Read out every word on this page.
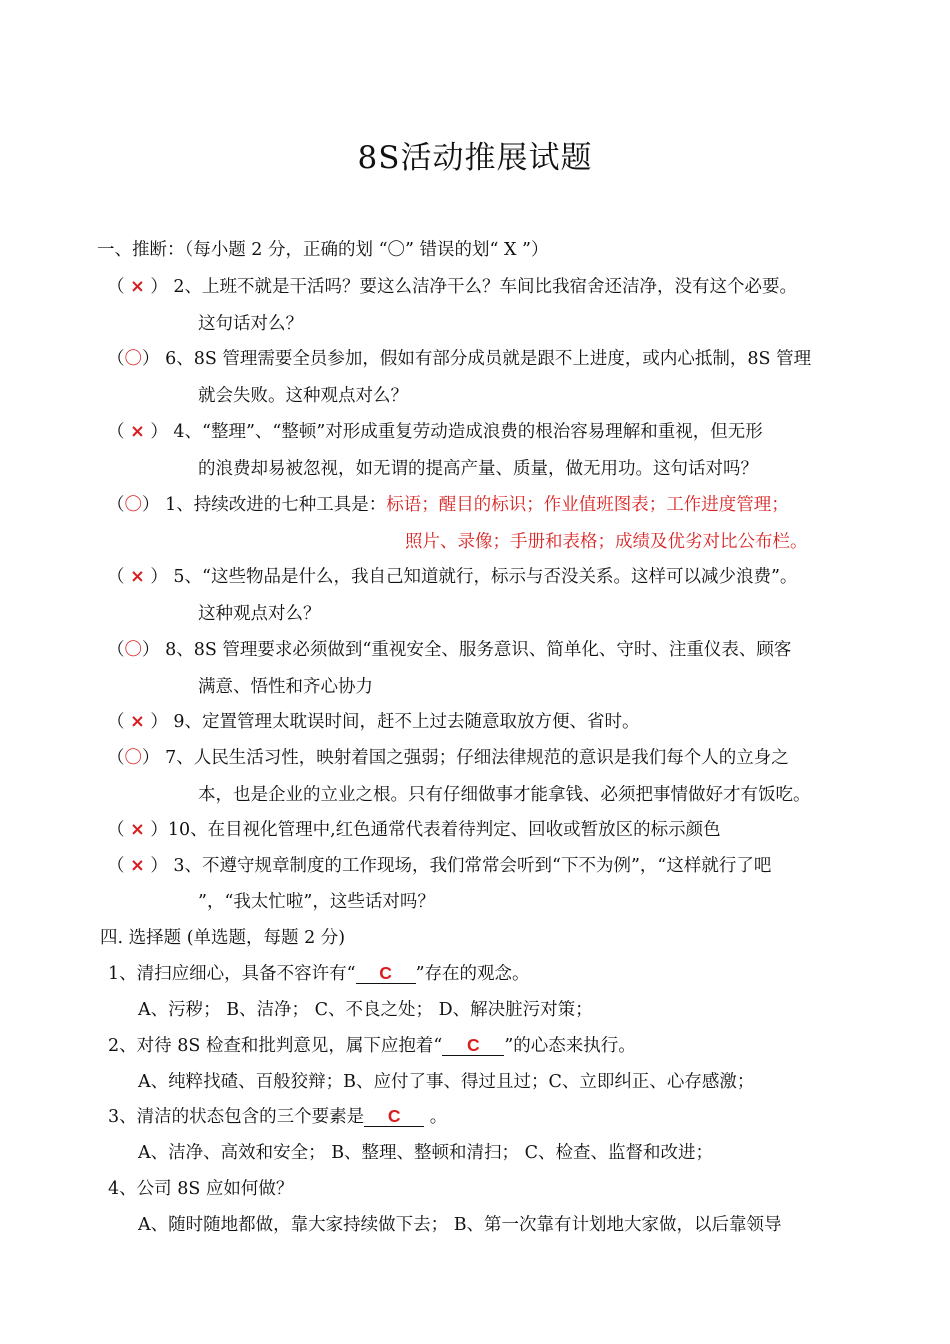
8S活动推展试题
一、推断：（每小题 2 分，正确的划 “〇” 错误的划“ X ”）
（ × ） 2、上班不就是干活吗？要这么洁净干么？车间比我宿舍还洁净，没有这个必要。
这句话对么？
（〇） 6、8S 管理需要全员参加，假如有部分成员就是跟不上进度，或内心抵制，8S 管理
就会失败。这种观点对么？
（ × ） 4、“整理”、“整顿”对形成重复劳动造成浪费的根治容易理解和重视，但无形
的浪费却易被忽视，如无谓的提高产量、质量，做无用功。这句话对吗？
（〇） 1、持续改进的七种工具是：标语；醒目的标识；作业值班图表；工作进度管理；
照片、录像；手册和表格；成绩及优劣对比公布栏。
（ × ） 5、“这些物品是什么，我自己知道就行，标示与否没关系。这样可以减少浪费”。
这种观点对么？
（〇） 8、8S 管理要求必须做到“重视安全、服务意识、简单化、守时、注重仪表、顾客
满意、悟性和齐心协力
（ × ） 9、定置管理太耽误时间，赶不上过去随意取放方便、省时。
（〇） 7、人民生活习性，映射着国之强弱；仔细法律规范的意识是我们每个人的立身之
本，也是企业的立业之根。只有仔细做事才能拿钱、必须把事情做好才有饭吃。
（ × ）10、在目视化管理中,红色通常代表着待判定、回收或暂放区的标示颜色
（ × ） 3、不遵守规章制度的工作现场，我们常常会听到“下不为例”，“这样就行了吧
”，“我太忙啦”，这些话对吗？
四. 选择题 (单选题，每题 2 分)
1、清扫应细心，具备不容许有“ C ”存在的观念。
A、污秽； B、洁净； C、不良之处； D、解决脏污对策；
2、对待 8S 检查和批判意见，属下应抱着“ C ”的心态来执行。
A、纯粹找碴、百般狡辩；B、应付了事、得过且过；C、立即纠正、心存感激；
3、清洁的状态包含的三个要素是 C 。
A、洁净、高效和安全； B、整理、整顿和清扫； C、检查、监督和改进；
4、公司 8S 应如何做？
A、随时随地都做，靠大家持续做下去； B、第一次靠有计划地大家做，以后靠领导
